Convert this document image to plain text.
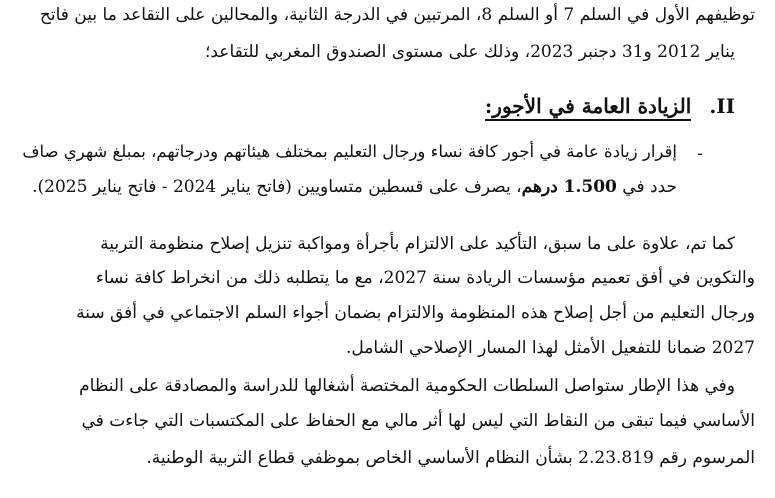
توظيفهم الأول في السلم 7 أو السلم 8، المرتبين في الدرجة الثانية، والمحالين على التقاعد ما بين فاتح
يناير 2012 و31 دجنبر 2023، وذلك على مستوى الصندوق المغربي للتقاعد؛
II.الزيادة العامة في الأجور:
-
إقرار زيادة عامة في أجور كافة نساء ورجال التعليم بمختلف هيئاتهم ودرجاتهم، بمبلغ شهري صاف
حدد في 1.500 درهم، يصرف على قسطين متساويين (فاتح يناير 2024 - فاتح يناير 2025).
كما تم، علاوة على ما سبق، التأكيد على الالتزام بأجرأة ومواكبة تنزيل إصلاح منظومة التربية
والتكوين في أفق تعميم مؤسسات الريادة سنة 2027، مع ما يتطلبه ذلك من انخراط كافة نساء
ورجال التعليم من أجل إصلاح هذه المنظومة والالتزام بضمان أجواء السلم الاجتماعي في أفق سنة
2027 ضمانا للتفعيل الأمثل لهذا المسار الإصلاحي الشامل.
وفي هذا الإطار ستواصل السلطات الحكومية المختصة أشغالها للدراسة والمصادقة على النظام
الأساسي فيما تبقى من النقاط التي ليس لها أثر مالي مع الحفاظ على المكتسبات التي جاءت في
المرسوم رقم 2.23.819 بشأن النظام الأساسي الخاص بموظفي قطاع التربية الوطنية.
